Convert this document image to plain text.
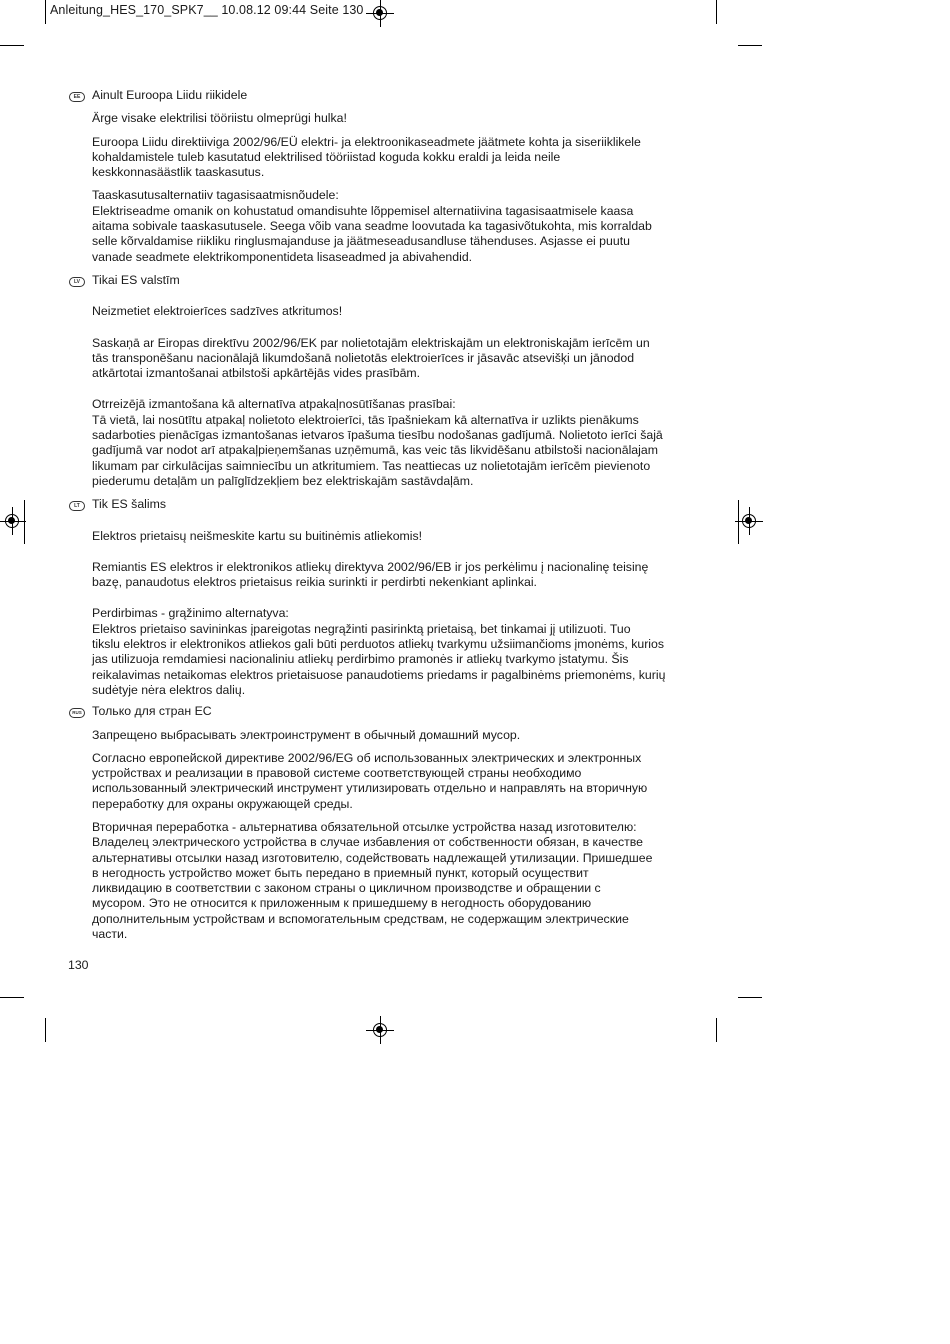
Anleitung_HES_170_SPK7__ 10.08.12 09:44 Seite 130
EE Ainult Euroopa Liidu riikidele

Ärge visake elektrilisi tööriistu olmeprügi hulka!

Euroopa Liidu direktiiviga 2002/96/EÜ elektri- ja elektroonikaseadmete jäätmete kohta ja siseriiklikele
kohaldamistele tuleb kasutatud elektrilised tööriistad koguda kokku eraldi ja leida neile
keskkonnasäästlik taaskasutus.

Taaskasutusalternatiiv tagasisaatmisnõudele:
Elektriseadme omanik on kohustatud omandisuhte lõppemisel alternatiivina tagasisaatmisele kaasa
aitama sobivale taaskasutusele. Seega võib vana seadme loovutada ka tagasivõtukohta, mis korraldab
selle kõrvaldamise riikliku ringlusmajanduse ja jäätmeseadusandluse tähenduses. Asjasse ei puutu
vanade seadmete elektrikomponentideta lisaseadmed ja abivahendid.

LV Tikai ES valstīm

Neizmetiet elektroierīces sadzīves atkritumos!

Saskaņā ar Eiropas direktīvu 2002/96/EK par nolietotajām elektriskajām un elektroniskajām ierīcēm un
tās transponēšanu nacionālajā likumdošanā nolietotās elektroierīces ir jāsavāc atsevišķi un jānodod
atkārtotai izmantošanai atbilstoši apkārtējās vides prasībām.

Otrreizējā izmantošana kā alternatīva atpakaļnosūtīšanas prasībai:
Tā vietā, lai nosūtītu atpakaļ nolietoto elektroierīci, tās īpašniekam kā alternatīva ir uzlikts pienākums
sadarboties pienācīgas izmantošanas ietvaros īpašuma tiesību nodošanas gadījumā. Nolietoto ierīci šajā
gadījumā var nodot arī atpakaļpieņemšanas uzņēmumā, kas veic tās likvidēšanu atbilstoši nacionālajam
likumam par cirkulācijas saimniecību un atkritumiem. Tas neattiecas uz nolietotajām ierīcēm pievienoto
piederumu detaļām un palīglīdzekļiem bez elektriskajām sastāvdaļām.

LT Tik ES šalims

Elektros prietaisų neišmeskite kartu su buitinėmis atliekomis!

Remiantis ES elektros ir elektronikos atliekų direktyva 2002/96/EB ir jos perkėlimu į nacionalinę teisinę
bazę, panaudotus elektros prietaisus reikia surinkti ir perdirbti nekenkiant aplinkai.

Perdirbimas - grąžinimo alternatyva:
Elektros prietaiso savininkas įpareigotas negrąžinti pasirinktą prietaisą, bet tinkamai jį utilizuoti. Tuo
tikslu elektros ir elektronikos atliekos gali būti perduotos atliekų tvarkymu užsiimančioms įmonėms, kurios
jas utilizuoja remdamiesi nacionaliniu atliekų perdirbimo pramonės ir atliekų tvarkymo įstatymu. Šis
reikalavimas netaikomas elektros prietaisuose panaudotiems priedams ir pagalbinėms priemonėms, kurių
sudėtyje nėra elektros dalių.

RUS Только для стран ЕС

Запрещено выбрасывать электроинструмент в обычный домашний мусор.

Согласно европейской директиве 2002/96/EG об использованных электрических и электронных
устройствах и реализации в правовой системе соответствующей страны необходимо
использованный электрический инструмент утилизировать отдельно и направлять на вторичную
переработку для охраны окружающей среды.

Вторичная переработка - альтернатива обязательной отсылке устройства назад изготовителю:
Владелец электрического устройства в случае избавления от собственности обязан, в качестве
альтернативы отсылки назад изготовителю, содействовать надлежащей утилизации. Пришедшее
в негодность устройство может быть передано в приемный пункт, который осуществит
ликвидацию в соответствии с законом страны о цикличном производстве и обращении с
мусором. Это не относится к приложенным к пришедшему в негодность оборудованию
дополнительным устройствам и вспомогательным средствам, не содержащим электрические
части.

130
